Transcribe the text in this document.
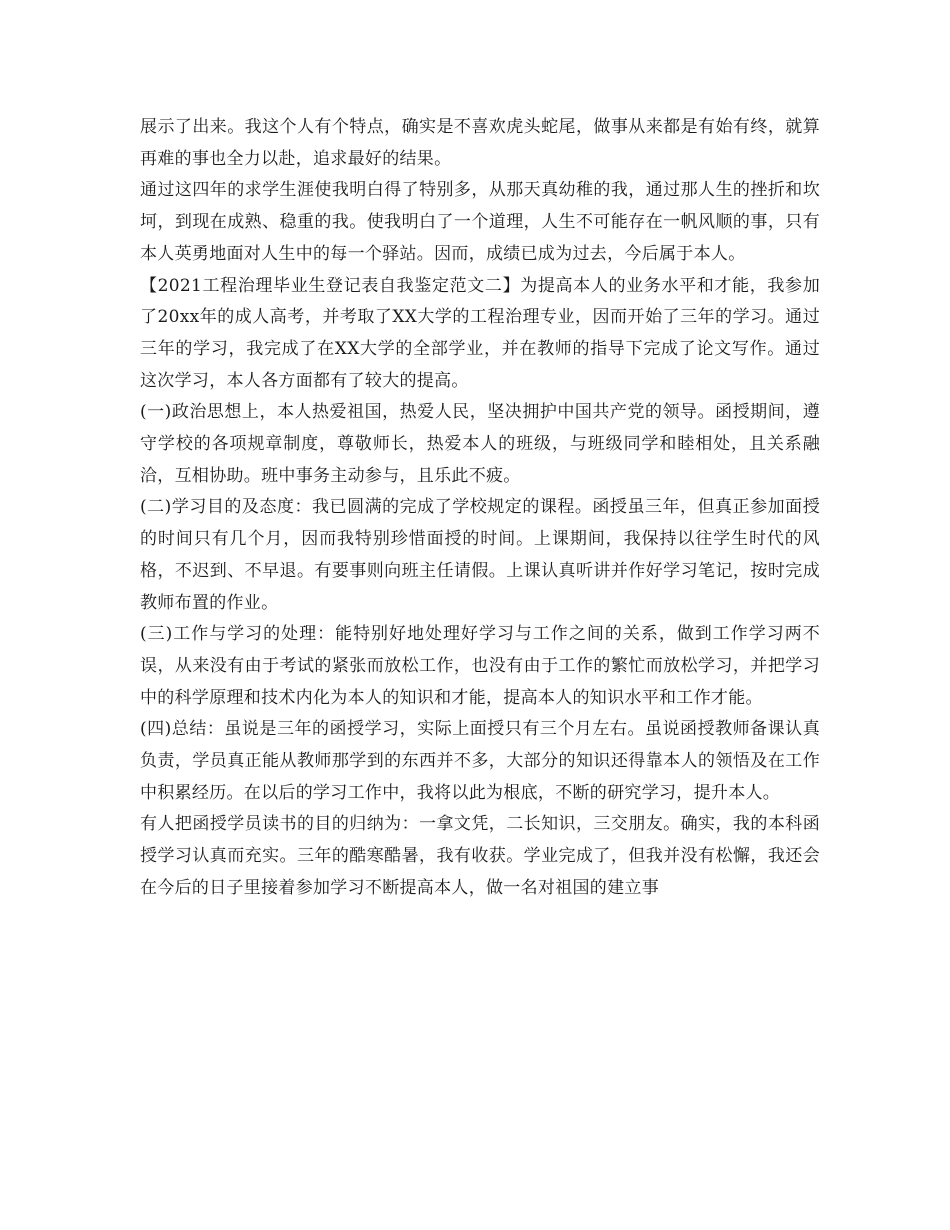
展示了出来。我这个人有个特点，确实是不喜欢虎头蛇尾，做事从来都是有始有终，就算再难的事也全力以赴，追求最好的结果。

通过这四年的求学生涯使我明白得了特别多，从那天真幼稚的我，通过那人生的挫折和坎坷，到现在成熟、稳重的我。使我明白了一个道理，人生不可能存在一帆风顺的事，只有本人英勇地面对人生中的每一个驿站。因而，成绩已成为过去，今后属于本人。

【2021工程治理毕业生登记表自我鉴定范文二】为提高本人的业务水平和才能，我参加了20xx年的成人高考，并考取了XX大学的工程治理专业，因而开始了三年的学习。通过三年的学习，我完成了在XX大学的全部学业，并在教师的指导下完成了论文写作。通过这次学习，本人各方面都有了较大的提高。

(一)政治思想上，本人热爱祖国，热爱人民，坚决拥护中国共产党的领导。函授期间，遵守学校的各项规章制度，尊敬师长，热爱本人的班级，与班级同学和睦相处，且关系融洽，互相协助。班中事务主动参与，且乐此不疲。

(二)学习目的及态度：我已圆满的完成了学校规定的课程。函授虽三年，但真正参加面授的时间只有几个月，因而我特别珍惜面授的时间。上课期间，我保持以往学生时代的风格，不迟到、不早退。有要事则向班主任请假。上课认真听讲并作好学习笔记，按时完成教师布置的作业。

(三)工作与学习的处理：能特别好地处理好学习与工作之间的关系，做到工作学习两不误，从来没有由于考试的紧张而放松工作，也没有由于工作的繁忙而放松学习，并把学习中的科学原理和技术内化为本人的知识和才能，提高本人的知识水平和工作才能。

(四)总结：虽说是三年的函授学习，实际上面授只有三个月左右。虽说函授教师备课认真负责，学员真正能从教师那学到的东西并不多，大部分的知识还得靠本人的领悟及在工作中积累经历。在以后的学习工作中，我将以此为根底，不断的研究学习，提升本人。

有人把函授学员读书的目的归纳为：一拿文凭，二长知识，三交朋友。确实，我的本科函授学习认真而充实。三年的酷寒酷暑，我有收获。学业完成了，但我并没有松懈，我还会在今后的日子里接着参加学习不断提高本人，做一名对祖国的建立事
